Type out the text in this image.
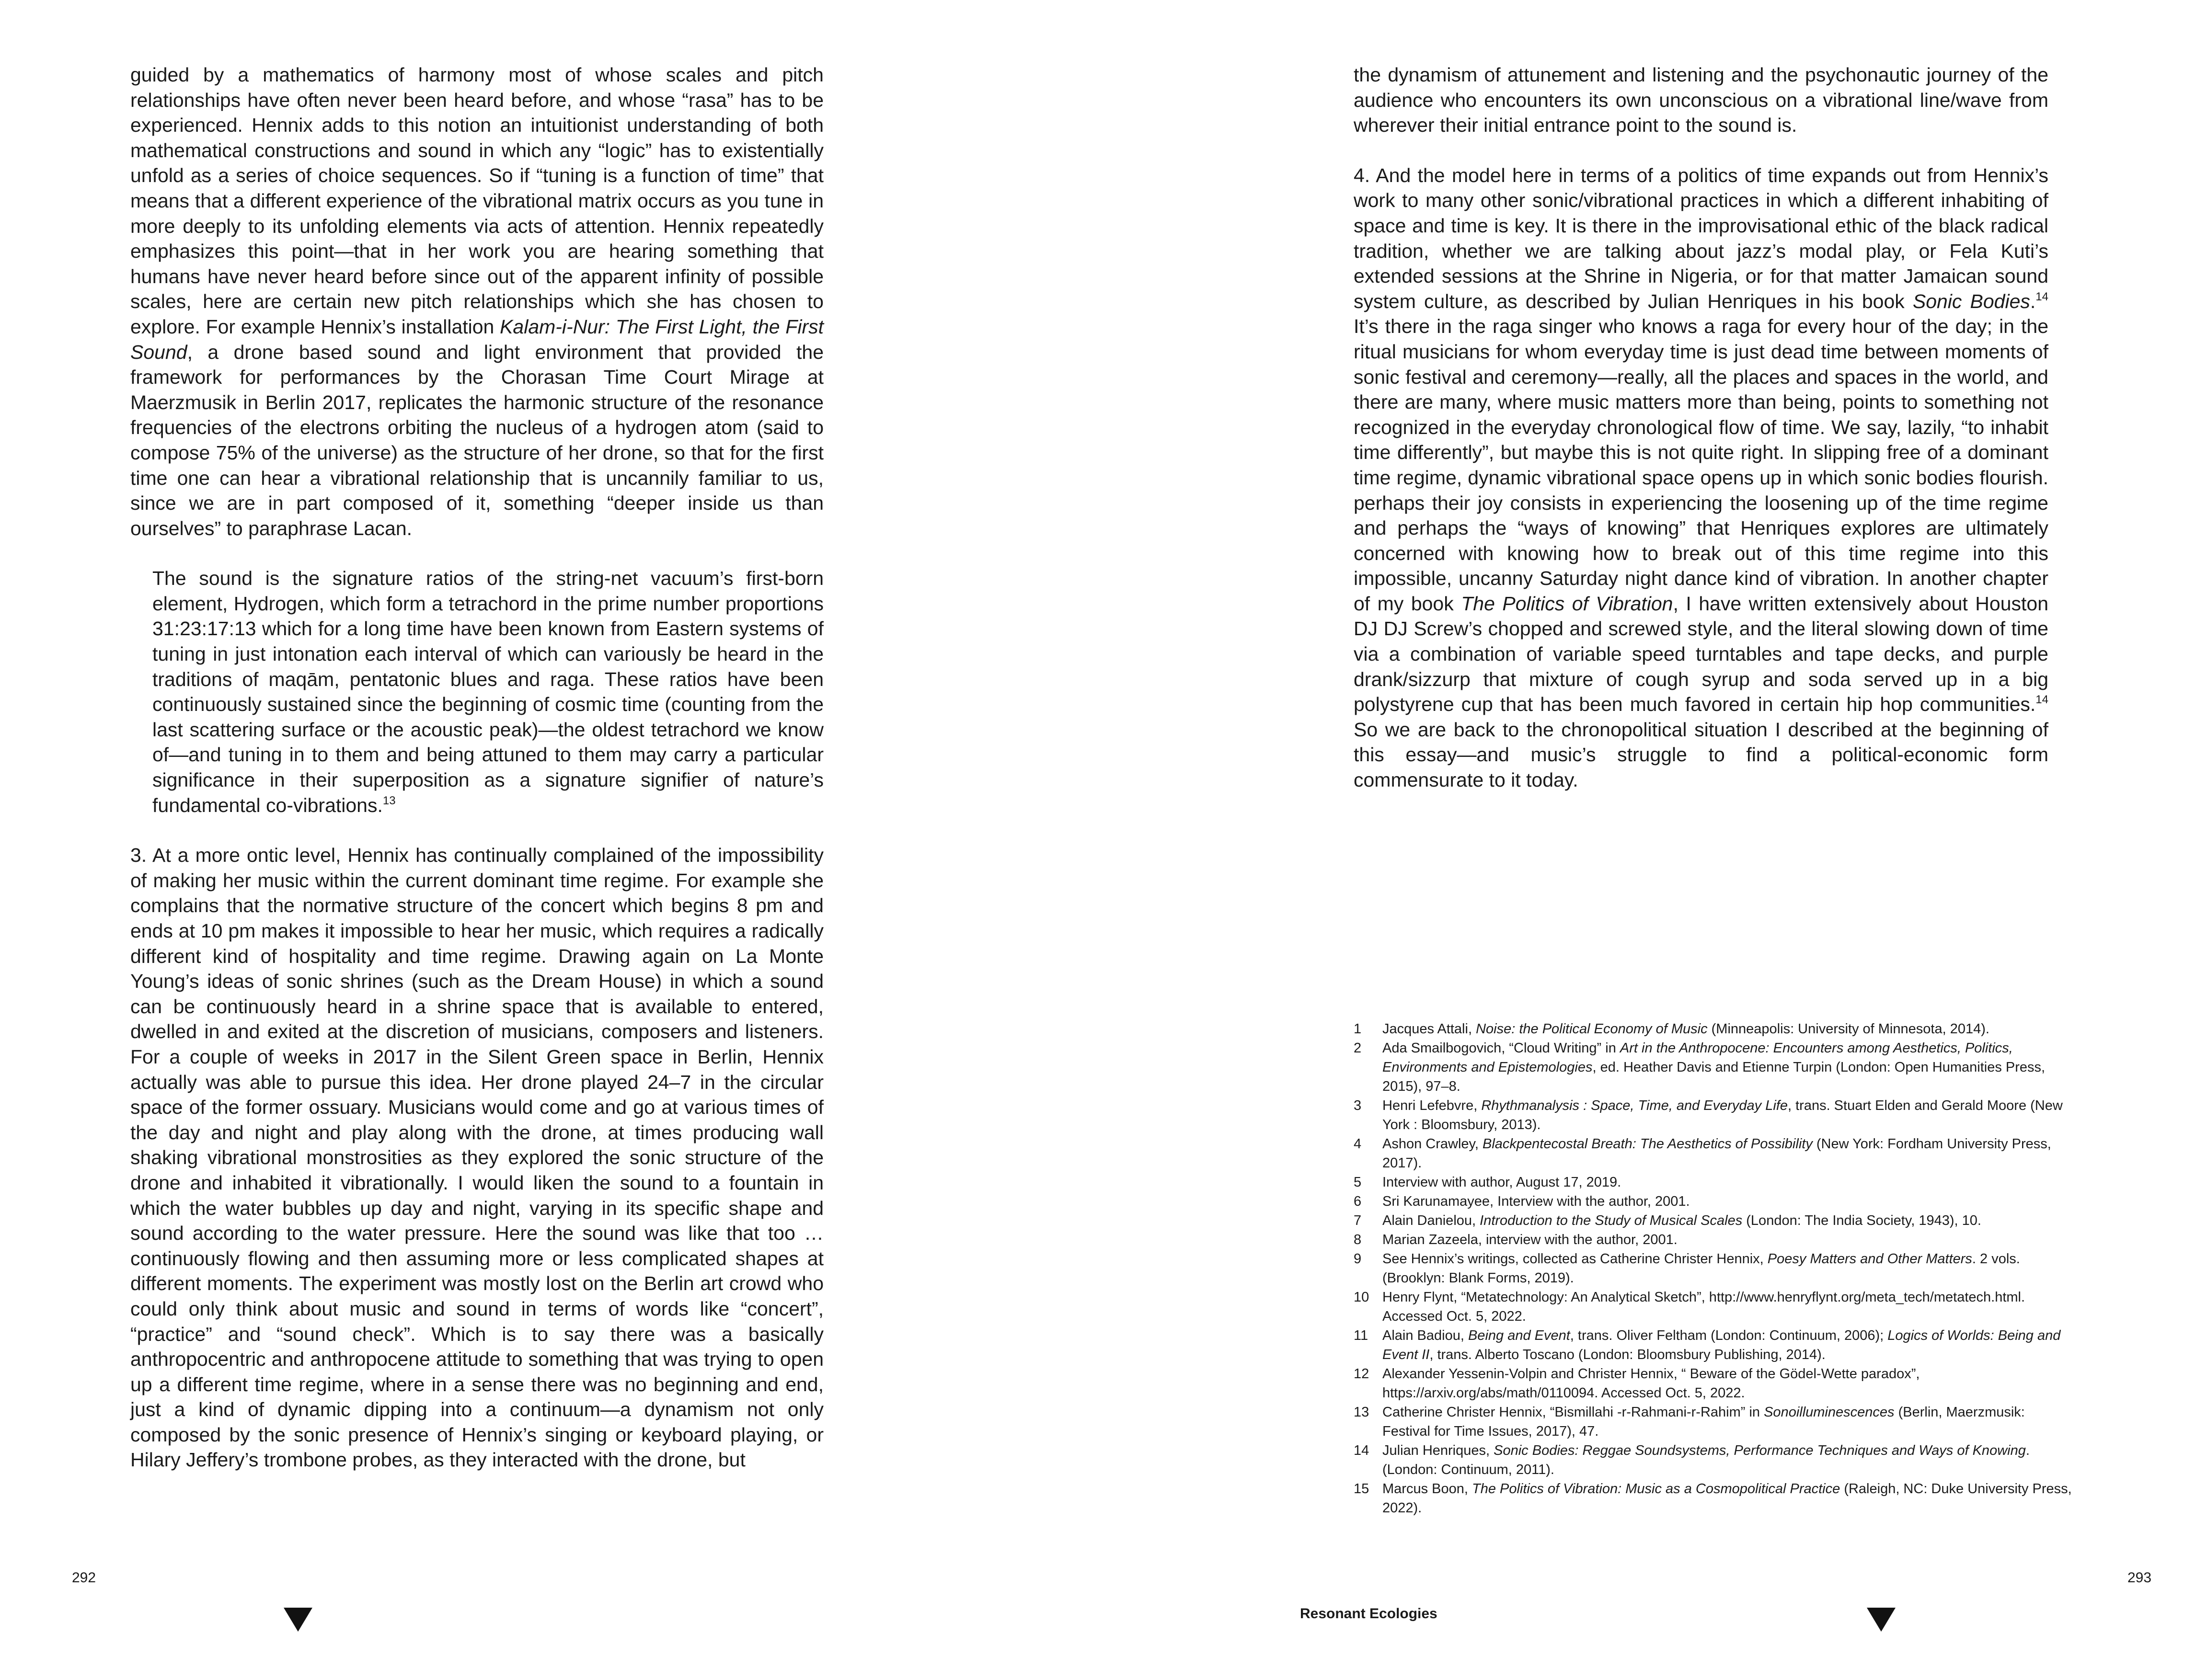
guided by a mathematics of harmony most of whose scales and pitch relationships have often never been heard before, and whose “rasa” has to be experienced. Hennix adds to this notion an intuitionist understanding of both mathematical constructions and sound in which any “logic” has to existentially unfold as a series of choice sequences. So if “tuning is a function of time” that means that a different experience of the vibrational matrix occurs as you tune in more deeply to its unfolding elements via acts of attention. Hennix repeatedly emphasizes this point—that in her work you are hearing something that humans have never heard before since out of the apparent infinity of possible scales, here are certain new pitch relationships which she has chosen to explore. For example Hennix’s installation Kalam-i-Nur: The First Light, the First Sound, a drone based sound and light environment that provided the framework for performances by the Chorasan Time Court Mirage at Maerzmusik in Berlin 2017, replicates the harmonic structure of the resonance frequencies of the electrons orbiting the nucleus of a hydrogen atom (said to compose 75% of the universe) as the structure of her drone, so that for the first time one can hear a vibrational relationship that is uncannily familiar to us, since we are in part composed of it, something “deeper inside us than ourselves” to paraphrase Lacan.

The sound is the signature ratios of the string-net vacuum’s first-born element, Hydrogen, which form a tetrachord in the prime number proportions 31:23:17:13 which for a long time have been known from Eastern systems of tuning in just intonation each interval of which can variously be heard in the traditions of maqām, pentatonic blues and raga. These ratios have been continuously sustained since the beginning of cosmic time (counting from the last scattering surface or the acoustic peak)—the oldest tetrachord we know of—and tuning in to them and being attuned to them may carry a particular significance in their superposition as a signature signifier of nature’s fundamental co-vibrations.$^{13}$

3. At a more ontic level, Hennix has continually complained of the impossibility of making her music within the current dominant time regime. For example she complains that the normative structure of the concert which begins 8 pm and ends at 10 pm makes it impossible to hear her music, which requires a radically different kind of hospitality and time regime. Drawing again on La Monte Young’s ideas of sonic shrines (such as the Dream House) in which a sound can be continuously heard in a shrine space that is available to entered, dwelled in and exited at the discretion of musicians, composers and listeners. For a couple of weeks in 2017 in the Silent Green space in Berlin, Hennix actually was able to pursue this idea. Her drone played 24–7 in the circular space of the former ossuary. Musicians would come and go at various times of the day and night and play along with the drone, at times producing wall shaking vibrational monstrosities as they explored the sonic structure of the drone and inhabited it vibrationally. I would liken the sound to a fountain in which the water bubbles up day and night, varying in its specific shape and sound according to the water pressure. Here the sound was like that too … continuously flowing and then assuming more or less complicated shapes at different moments. The experiment was mostly lost on the Berlin art crowd who could only think about music and sound in terms of words like “concert”, “practice” and “sound check”. Which is to say there was a basically anthropocentric and anthropocene attitude to something that was trying to open up a different time regime, where in a sense there was no beginning and end, just a kind of dynamic dipping into a continuum—a dynamism not only composed by the sonic presence of Hennix’s singing or keyboard playing, or Hilary Jeffery’s trombone probes, as they interacted with the drone, but

292

the dynamism of attunement and listening and the psychonautic journey of the audience who encounters its own unconscious on a vibrational line/wave from wherever their initial entrance point to the sound is.

4. And the model here in terms of a politics of time expands out from Hennix’s work to many other sonic/vibrational practices in which a different inhabiting of space and time is key. It is there in the improvisational ethic of the black radical tradition, whether we are talking about jazz’s modal play, or Fela Kuti’s extended sessions at the Shrine in Nigeria, or for that matter Jamaican sound system culture, as described by Julian Henriques in his book Sonic Bodies.$^{14}$ It’s there in the raga singer who knows a raga for every hour of the day; in the ritual musicians for whom everyday time is just dead time between moments of sonic festival and ceremony—really, all the places and spaces in the world, and there are many, where music matters more than being, points to something not recognized in the everyday chronological flow of time. We say, lazily, “to inhabit time differently”, but maybe this is not quite right. In slipping free of a dominant time regime, dynamic vibrational space opens up in which sonic bodies flourish. perhaps their joy consists in experiencing the loosening up of the time regime and perhaps the “ways of knowing” that Henriques explores are ultimately concerned with knowing how to break out of this time regime into this impossible, uncanny Saturday night dance kind of vibration. In another chapter of my book The Politics of Vibration, I have written extensively about Houston DJ DJ Screw’s chopped and screwed style, and the literal slowing down of time via a combination of variable speed turntables and tape decks, and purple drank/sizzurp that mixture of cough syrup and soda served up in a big polystyrene cup that has been much favored in certain hip hop communities.$^{14}$ So we are back to the chronopolitical situation I described at the beginning of this essay—and music’s struggle to find a political-economic form commensurate to it today.

1	Jacques Attali, Noise: the Political Economy of Music (Minneapolis: University of Minnesota, 2014).
2	Ada Smailbogovich, “Cloud Writing” in Art in the Anthropocene: Encounters among Aesthetics, Politics, Environments and Epistemologies, ed. Heather Davis and Etienne Turpin (London: Open Humanities Press, 2015), 97–8.
3	Henri Lefebvre, Rhythmanalysis : Space, Time, and Everyday Life, trans. Stuart Elden and Gerald Moore (New York : Bloomsbury, 2013).
4	Ashon Crawley, Blackpentecostal Breath: The Aesthetics of Possibility (New York: Fordham University Press, 2017).
5	Interview with author, August 17, 2019.
6	Sri Karunamayee, Interview with the author, 2001.
7	Alain Danielou, Introduction to the Study of Musical Scales (London: The India Society, 1943), 10.
8	Marian Zazeela, interview with the author, 2001.
9	See Hennix’s writings, collected as Catherine Christer Hennix, Poesy Matters and Other Matters. 2 vols. (Brooklyn: Blank Forms, 2019).
10 Henry Flynt, “Metatechnology: An Analytical Sketch”, http://www.henryflynt.org/meta_tech/metatech.html. Accessed Oct. 5, 2022.
11	Alain Badiou, Being and Event, trans. Oliver Feltham (London: Continuum, 2006); Logics of Worlds: Being and Event II, trans. Alberto Toscano (London: Bloomsbury Publishing, 2014).
12 Alexander Yessenin-Volpin and Christer Hennix, “ Beware of the Gödel-Wette paradox”, https://arxiv.org/abs/math/0110094. Accessed Oct. 5, 2022.
13 Catherine Christer Hennix, “Bismillahi -r-Rahmani-r-Rahim” in Sonoilluminescences (Berlin, Maerzmusik: Festival for Time Issues, 2017), 47.
14 Julian Henriques, Sonic Bodies: Reggae Soundsystems, Performance Techniques and Ways of Knowing. (London: Continuum, 2011).
15 Marcus Boon, The Politics of Vibration: Music as a Cosmopolitical Practice (Raleigh, NC: Duke University Press, 2022).
293
Resonant Ecologies
